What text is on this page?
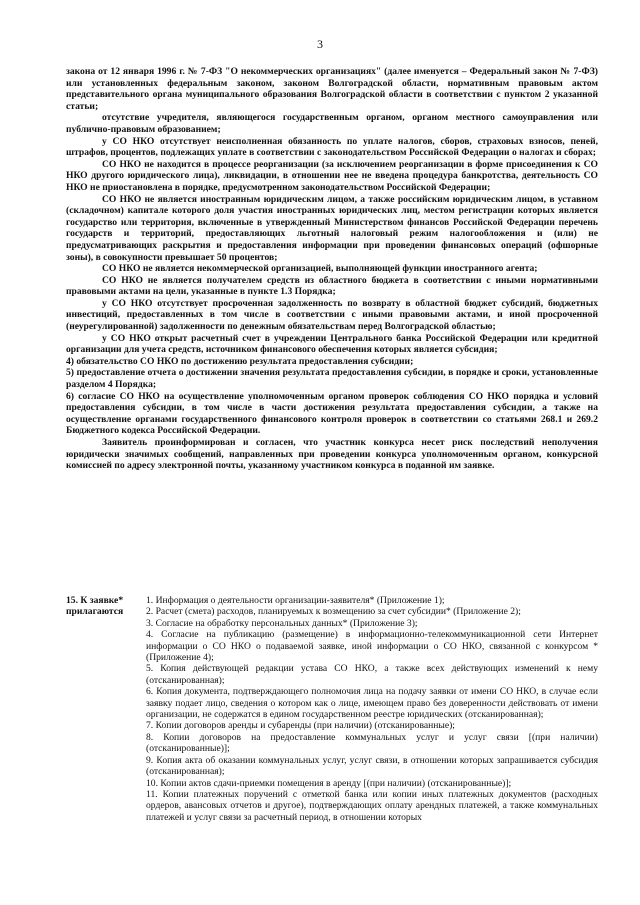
3

закона от 12 января 1996 г. № 7-ФЗ "О некоммерческих организациях" (далее именуется – Федеральный закон № 7-ФЗ) или установленных федеральным законом, законом Волгоградской области, нормативным правовым актом представительного органа муниципального образования Волгоградской области в соответствии с пунктом 2 указанной статьи;

отсутствие учредителя, являющегося государственным органом, органом местного самоуправления или публично-правовым образованием;

у СО НКО отсутствует неисполненная обязанность по уплате налогов, сборов, страховых взносов, пеней, штрафов, процентов, подлежащих уплате в соответствии с законодательством Российской Федерации о налогах и сборах;

СО НКО не находится в процессе реорганизации (за исключением реорганизации в форме присоединения к СО НКО другого юридического лица), ликвидации, в отношении нее не введена процедура банкротства, деятельность СО НКО не приостановлена в порядке, предусмотренном законодательством Российской Федерации;

СО НКО не является иностранным юридическим лицом, а также российским юридическим лицом, в уставном (складочном) капитале которого доля участия иностранных юридических лиц, местом регистрации которых является государство или территория, включенные в утвержденный Министерством финансов Российской Федерации перечень государств и территорий, предоставляющих льготный налоговый режим налогообложения и (или) не предусматривающих раскрытия и предоставления информации при проведении финансовых операций (офшорные зоны), в совокупности превышает 50 процентов;

СО НКО не является некоммерческой организацией, выполняющей функции иностранного агента;

СО НКО не является получателем средств из областного бюджета в соответствии с иными нормативными правовыми актами на цели, указанные в пункте 1.3 Порядка;

у СО НКО отсутствует просроченная задолженность по возврату в областной бюджет субсидий, бюджетных инвестиций, предоставленных в том числе в соответствии с иными правовыми актами, и иной просроченной (неурегулированной) задолженности по денежным обязательствам перед Волгоградской областью;

у СО НКО открыт расчетный счет в учреждении Центрального банка Российской Федерации или кредитной организации для учета средств, источником финансового обеспечения которых является субсидия;

4) обязательство СО НКО по достижению результата предоставления субсидии;

5) предоставление отчета о достижении значения результата предоставления субсидии, в порядке и сроки, установленные разделом 4 Порядка;

6) согласие СО НКО на осуществление уполномоченным органом проверок соблюдения СО НКО порядка и условий предоставления субсидии, в том числе в части достижения результата предоставления субсидии, а также на осуществление органами государственного финансового контроля проверок в соответствии со статьями 268.1 и 269.2 Бюджетного кодекса Российской Федерации.

Заявитель проинформирован и согласен, что участник конкурса несет риск последствий неполучения юридически значимых сообщений, направленных при проведении конкурса уполномоченным органом, конкурсной комиссией по адресу электронной почты, указанному участником конкурса в поданной им заявке.

15. К заявке*
прилагаются

1. Информация о деятельности организации-заявителя* (Приложение 1);

2. Расчет (смета) расходов, планируемых к возмещению за счет субсидии* (Приложение 2);

3. Согласие на обработку персональных данных* (Приложение 3);

4. Согласие на публикацию (размещение) в информационно-телекоммуникационной сети Интернет информации о СО НКО о подаваемой заявке, иной информации о СО НКО, связанной с конкурсом * (Приложение 4);

5. Копия действующей редакции устава СО НКО, а также всех действующих изменений к нему (отсканированная);

6. Копия документа, подтверждающего полномочия лица на подачу заявки от имени СО НКО, в случае если заявку подает лицо, сведения о котором как о лице, имеющем право без доверенности действовать от имени организации, не содержатся в едином государственном реестре юридических (отсканированная);

7. Копии договоров аренды и субаренды (при наличии) (отсканированные);

8. Копии договоров на предоставление коммунальных услуг и услуг связи [(при наличии) (отсканированные)];

9. Копия акта об оказании коммунальных услуг, услуг связи, в отношении которых запрашивается субсидия (отсканированная);

10. Копии актов сдачи-приемки помещения в аренду [(при наличии) (отсканированные)];

11. Копии платежных поручений с отметкой банка или копии иных платежных документов (расходных ордеров, авансовых отчетов и другое), подтверждающих оплату арендных платежей, а также коммунальных платежей и услуг связи за расчетный период, в отношении которых
